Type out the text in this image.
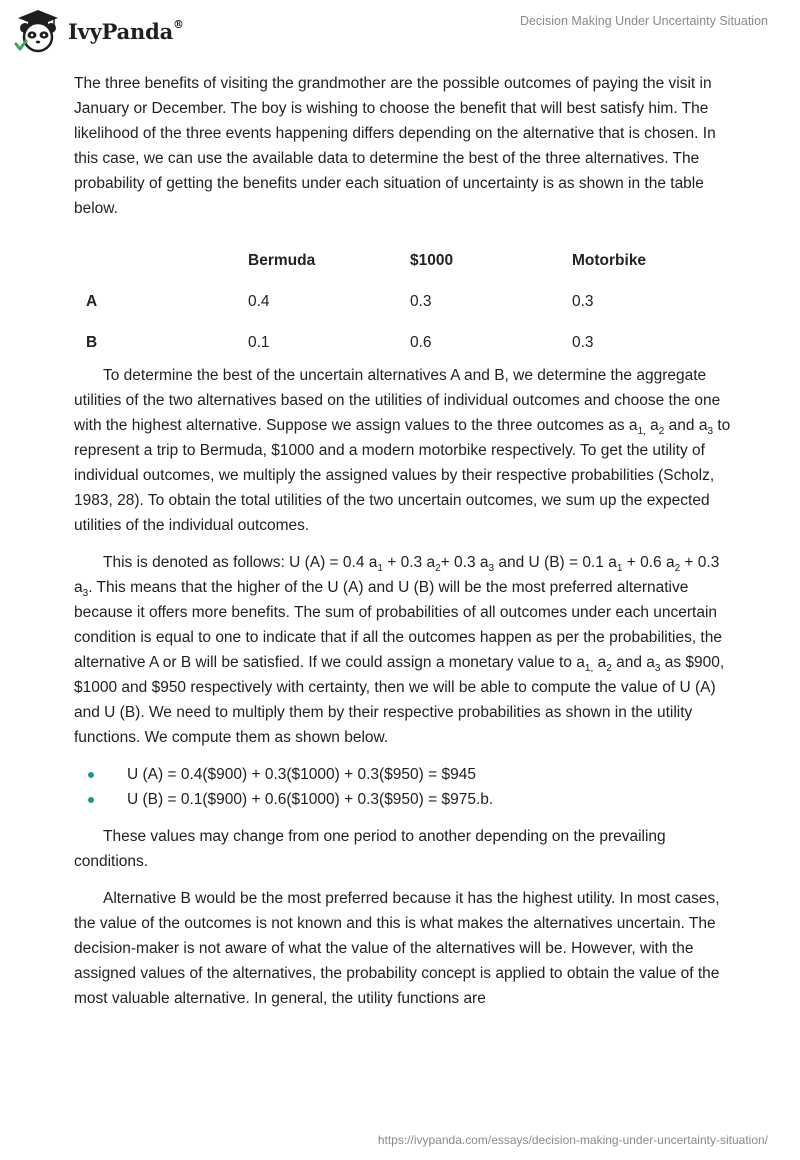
IvyPanda®	Decision Making Under Uncertainty Situation

The three benefits of visiting the grandmother are the possible outcomes of paying the visit in January or December. The boy is wishing to choose the benefit that will best satisfy him. The likelihood of the three events happening differs depending on the alternative that is chosen. In this case, we can use the available data to determine the best of the three alternatives. The probability of getting the benefits under each situation of uncertainty is as shown in the table below.

	Bermuda	$1000	Motorbike
A	0.4	0.3	0.3
B	0.1	0.6	0.3

To determine the best of the uncertain alternatives A and B, we determine the aggregate utilities of the two alternatives based on the utilities of individual outcomes and choose the one with the highest alternative. Suppose we assign values to the three outcomes as $a_{1,}$ $a_2$ and $a_3$ to represent a trip to Bermuda, $1000 and a modern motorbike respectively. To get the utility of individual outcomes, we multiply the assigned values by their respective probabilities (Scholz, 1983, 28). To obtain the total utilities of the two uncertain outcomes, we sum up the expected utilities of the individual outcomes.

This is denoted as follows: U (A) = 0.4 $a_1 + 0.3$ $a_2+ 0.3$ $a_3$ and U (B) = 0.1 $a_1 + 0.6$ $a_2 + 0.3$ $a_3$. This means that the higher of the U (A) and U (B) will be the most preferred alternative because it offers more benefits. The sum of probabilities of all outcomes under each uncertain condition is equal to one to indicate that if all the outcomes happen as per the probabilities, the alternative A or B will be satisfied. If we could assign a monetary value to $a_{1,}$ $a_2$ and $a_3$ as $900, $1000 and $950 respectively with certainty, then we will be able to compute the value of U (A) and U (B). We need to multiply them by their respective probabilities as shown in the utility functions. We compute them as shown below.

U (A) = 0.4($900) + 0.3($1000) + 0.3($950) = $945
U (B) = 0.1($900) + 0.6($1000) + 0.3($950) = $975.b.

These values may change from one period to another depending on the prevailing conditions.

Alternative B would be the most preferred because it has the highest utility. In most cases, the value of the outcomes is not known and this is what makes the alternatives uncertain. The decision-maker is not aware of what the value of the alternatives will be. However, with the assigned values of the alternatives, the probability concept is applied to obtain the value of the most valuable alternative. In general, the utility functions are

https://ivypanda.com/essays/decision-making-under-uncertainty-situation/
